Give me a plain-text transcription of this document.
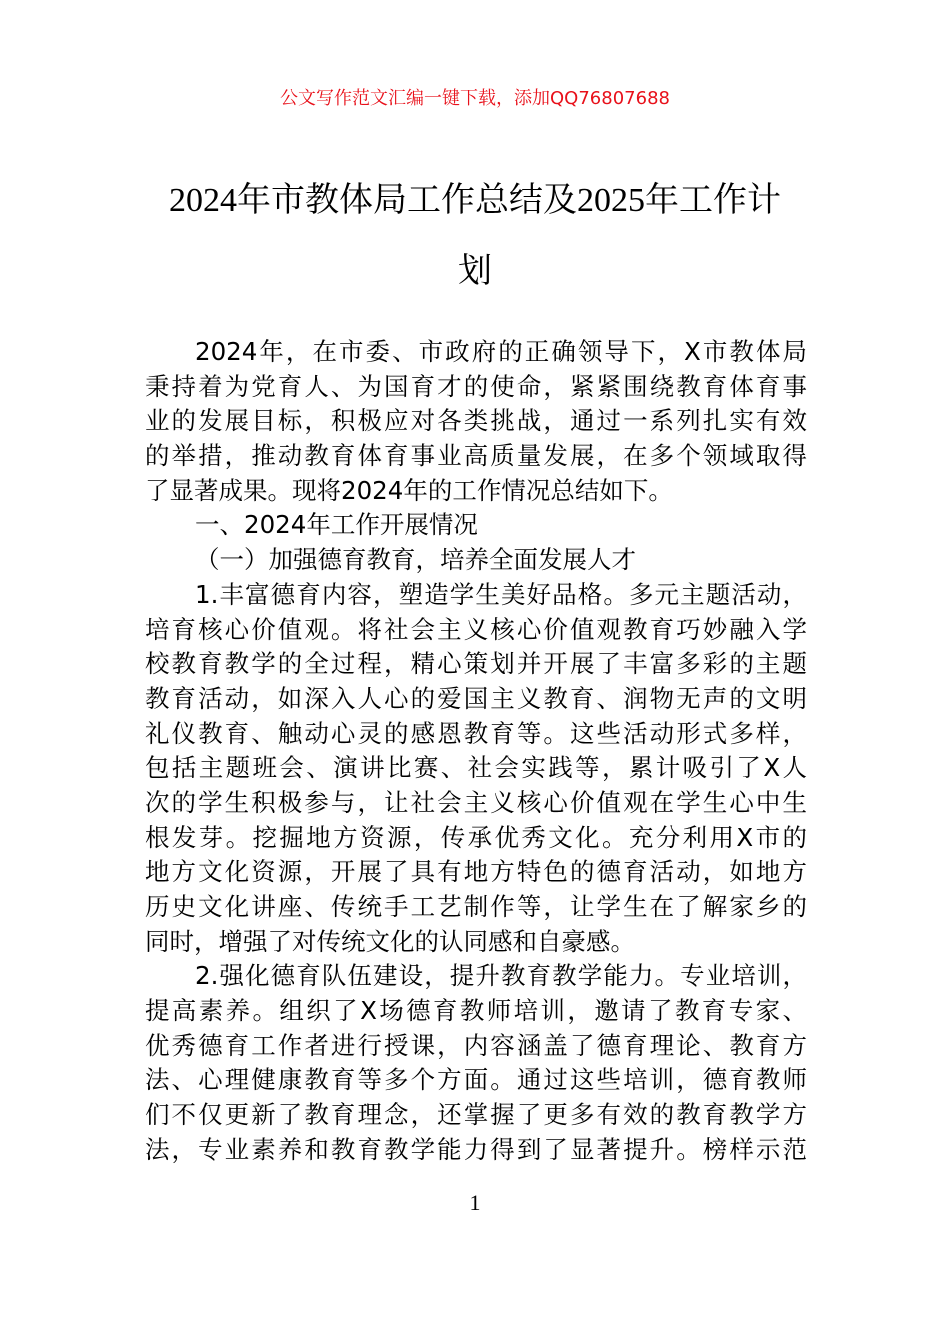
公文写作范文汇编一键下载，添加QQ76807688
2024年市教体局工作总结及2025年工作计
划
2024年，在市委、市政府的正确领导下，X市教体局
秉持着为党育人、为国育才的使命，紧紧围绕教育体育事
业的发展目标，积极应对各类挑战，通过一系列扎实有效
的举措，推动教育体育事业高质量发展，在多个领域取得
了显著成果。现将2024年的工作情况总结如下。
一、2024年工作开展情况
（一）加强德育教育，培养全面发展人才
1.丰富德育内容，塑造学生美好品格。多元主题活动，
培育核心价值观。将社会主义核心价值观教育巧妙融入学
校教育教学的全过程，精心策划并开展了丰富多彩的主题
教育活动，如深入人心的爱国主义教育、润物无声的文明
礼仪教育、触动心灵的感恩教育等。这些活动形式多样，
包括主题班会、演讲比赛、社会实践等，累计吸引了X人
次的学生积极参与，让社会主义核心价值观在学生心中生
根发芽。挖掘地方资源，传承优秀文化。充分利用X市的
地方文化资源，开展了具有地方特色的德育活动，如地方
历史文化讲座、传统手工艺制作等，让学生在了解家乡的
同时，增强了对传统文化的认同感和自豪感。
2.强化德育队伍建设，提升教育教学能力。专业培训，
提高素养。组织了X场德育教师培训，邀请了教育专家、
优秀德育工作者进行授课，内容涵盖了德育理论、教育方
法、心理健康教育等多个方面。通过这些培训，德育教师
们不仅更新了教育理念，还掌握了更多有效的教育教学方
法，专业素养和教育教学能力得到了显著提升。榜样示范
1
